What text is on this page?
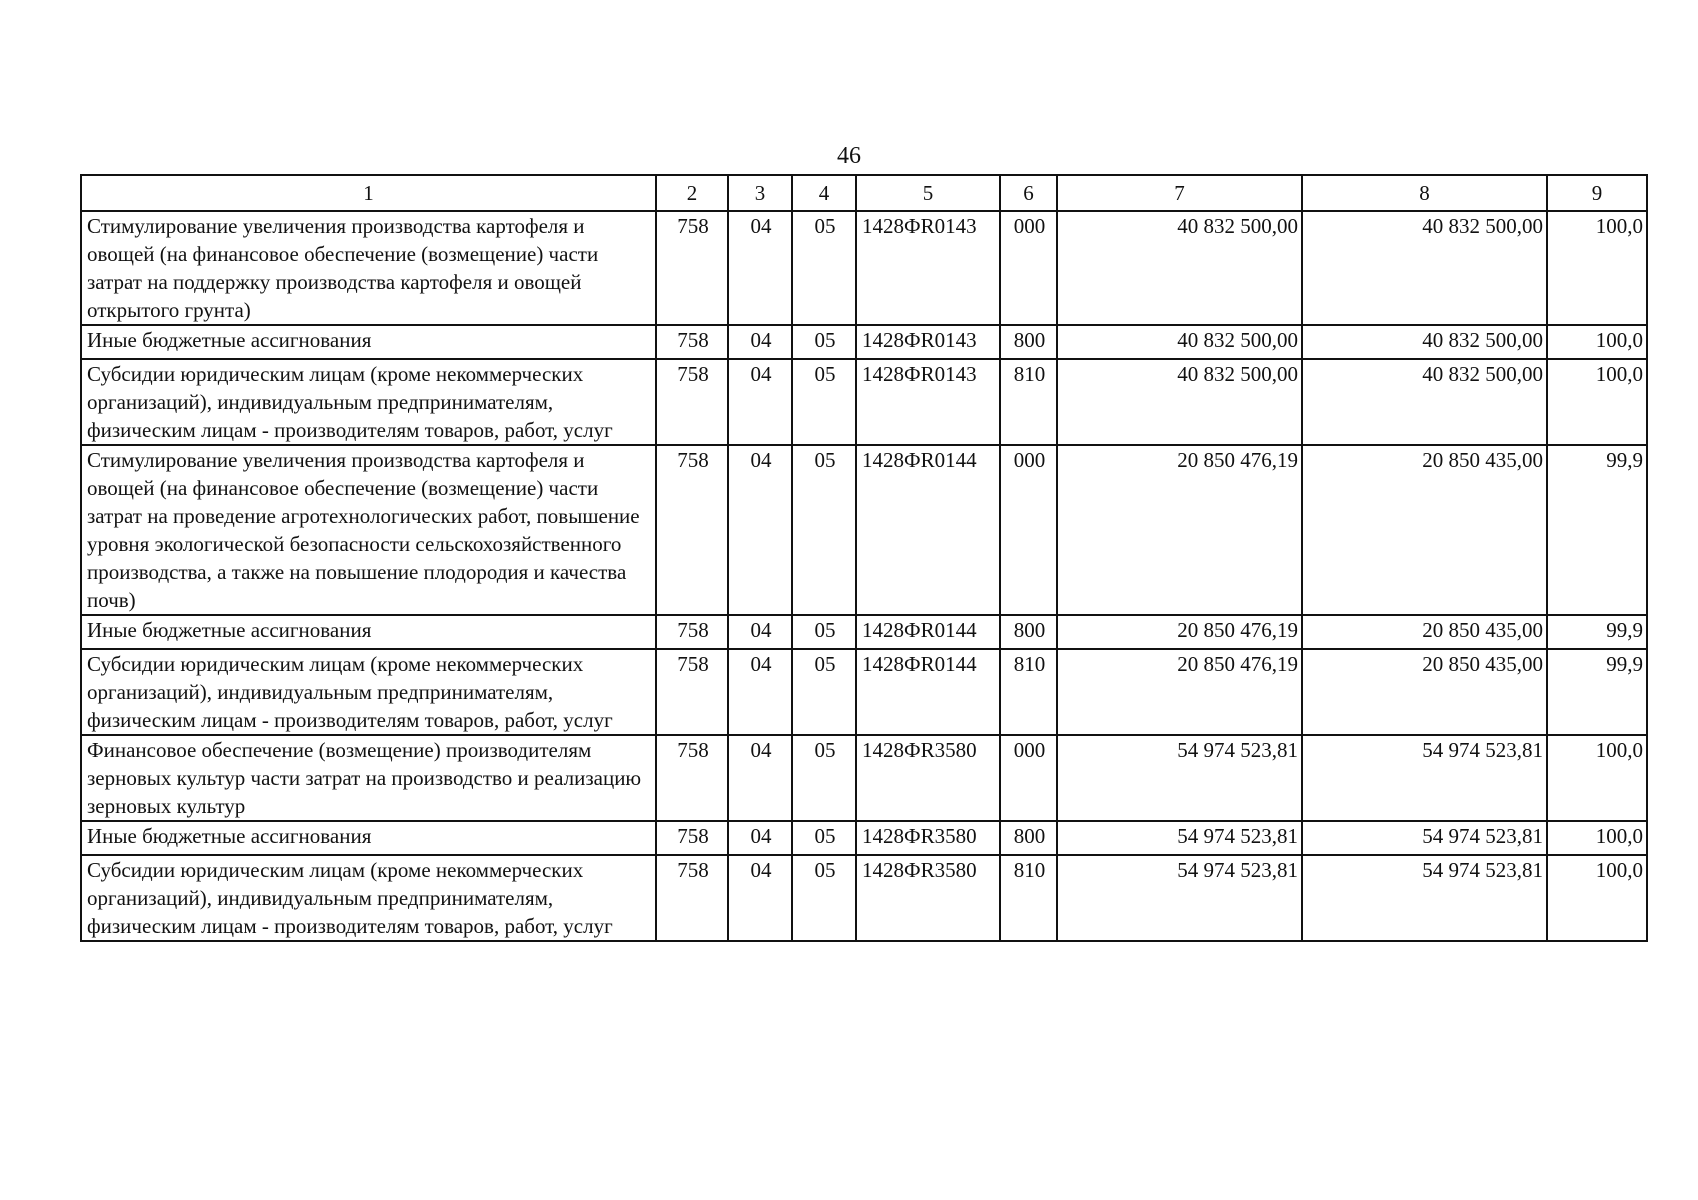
46
1	2	3	4	5	6	7	8	9
Стимулирование увеличения производства картофеля и овощей (на финансовое обеспечение (возмещение) части затрат на поддержку производства картофеля и овощей открытого грунта)	758	04	05	1428ФR0143	000	40 832 500,00	40 832 500,00	100,0
Иные бюджетные ассигнования	758	04	05	1428ФR0143	800	40 832 500,00	40 832 500,00	100,0
Субсидии юридическим лицам (кроме некоммерческих организаций), индивидуальным предпринимателям, физическим лицам - производителям товаров, работ, услуг	758	04	05	1428ФR0143	810	40 832 500,00	40 832 500,00	100,0
Стимулирование увеличения производства картофеля и овощей (на финансовое обеспечение (возмещение) части затрат на проведение агротехнологических работ, повышение уровня экологической безопасности сельскохозяйственного производства, а также на повышение плодородия и качества почв)	758	04	05	1428ФR0144	000	20 850 476,19	20 850 435,00	99,9
Иные бюджетные ассигнования	758	04	05	1428ФR0144	800	20 850 476,19	20 850 435,00	99,9
Субсидии юридическим лицам (кроме некоммерческих организаций), индивидуальным предпринимателям, физическим лицам - производителям товаров, работ, услуг	758	04	05	1428ФR0144	810	20 850 476,19	20 850 435,00	99,9
Финансовое обеспечение (возмещение) производителям зерновых культур части затрат на производство и реализацию зерновых культур	758	04	05	1428ФR3580	000	54 974 523,81	54 974 523,81	100,0
Иные бюджетные ассигнования	758	04	05	1428ФR3580	800	54 974 523,81	54 974 523,81	100,0
Субсидии юридическим лицам (кроме некоммерческих организаций), индивидуальным предпринимателям, физическим лицам - производителям товаров, работ, услуг	758	04	05	1428ФR3580	810	54 974 523,81	54 974 523,81	100,0
